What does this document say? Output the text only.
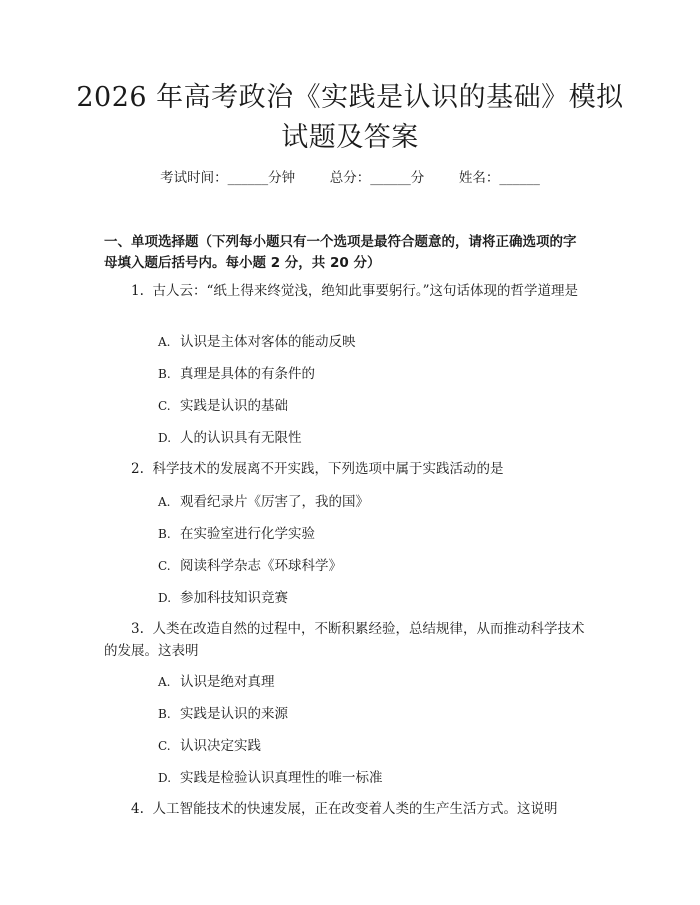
2026 年高考政治《实践是认识的基础》模拟
试题及答案
考试时间：______分钟	总分：______分	姓名：______
一、单项选择题（下列每小题只有一个选项是最符合题意的，请将正确选项的字
母填入题后括号内。每小题 2 分，共 20 分）
1. 古人云：“纸上得来终觉浅，绝知此事要躬行。”这句话体现的哲学道理是
A. 认识是主体对客体的能动反映
B. 真理是具体的有条件的
C. 实践是认识的基础
D. 人的认识具有无限性
2. 科学技术的发展离不开实践，下列选项中属于实践活动的是
A. 观看纪录片《厉害了，我的国》
B. 在实验室进行化学实验
C. 阅读科学杂志《环球科学》
D. 参加科技知识竞赛
3. 人类在改造自然的过程中，不断积累经验，总结规律，从而推动科学技术的发展。这表明
A. 认识是绝对真理
B. 实践是认识的来源
C. 认识决定实践
D. 实践是检验认识真理性的唯一标准
4. 人工智能技术的快速发展，正在改变着人类的生产生活方式。这说明
